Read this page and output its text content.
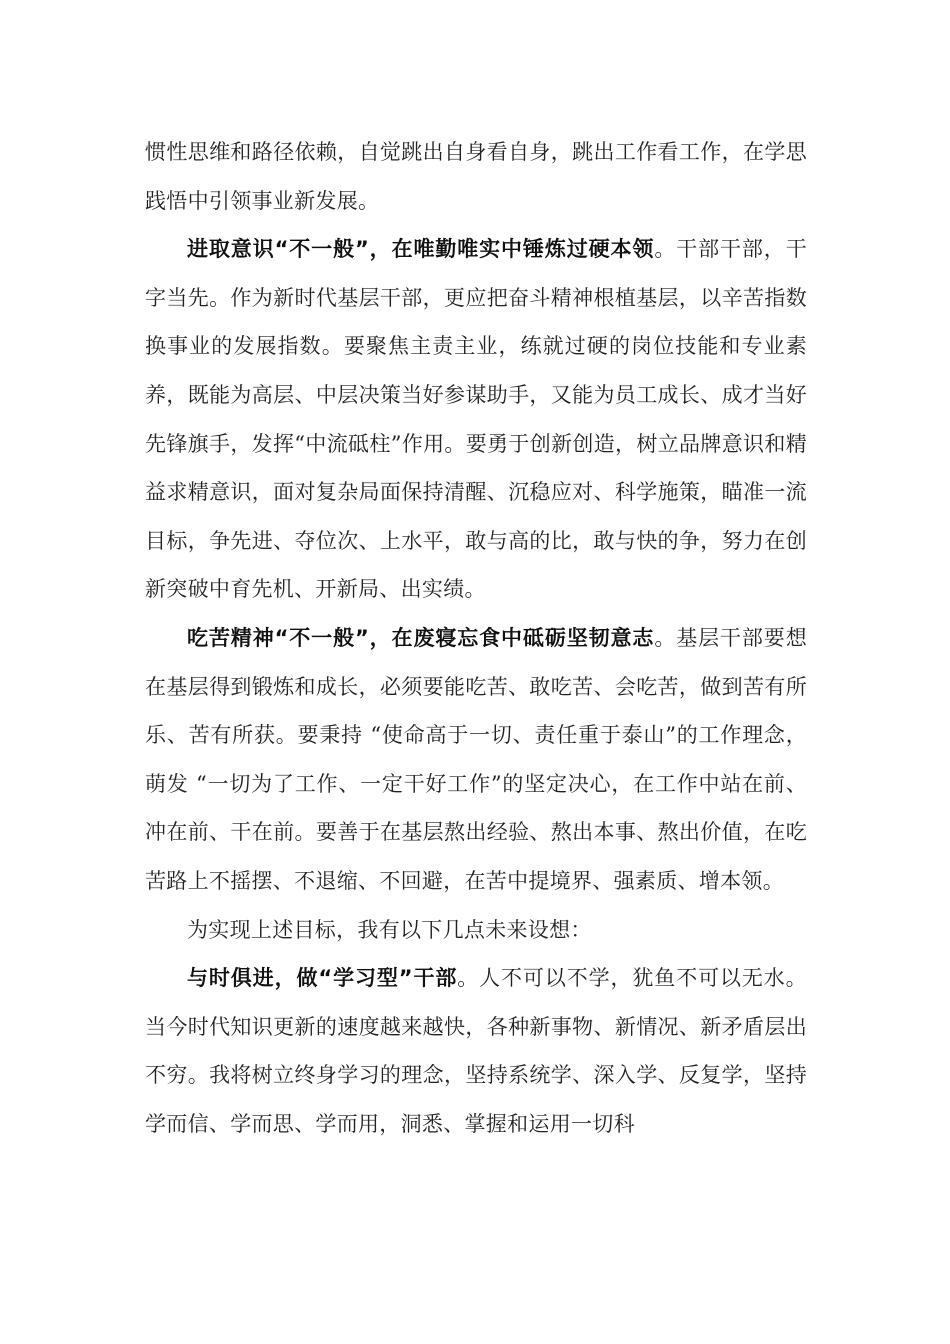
惯性思维和路径依赖，自觉跳出自身看自身，跳出工作看工作，在学思践悟中引领事业新发展。

进取意识“不一般”，在唯勤唯实中锤炼过硬本领。干部干部，干字当先。作为新时代基层干部，更应把奋斗精神根植基层，以辛苦指数换事业的发展指数。要聚焦主责主业，练就过硬的岗位技能和专业素养，既能为高层、中层决策当好参谋助手，又能为员工成长、成才当好先锋旗手，发挥“中流砥柱”作用。要勇于创新创造，树立品牌意识和精益求精意识，面对复杂局面保持清醒、沉稳应对、科学施策，瞄准一流目标，争先进、夺位次、上水平，敢与高的比，敢与快的争，努力在创新突破中育先机、开新局、出实绩。

吃苦精神“不一般”，在废寝忘食中砥砺坚韧意志。基层干部要想在基层得到锻炼和成长，必须要能吃苦、敢吃苦、会吃苦，做到苦有所乐、苦有所获。要秉持 “使命高于一切、责任重于泰山”的工作理念，萌发 “一切为了工作、一定干好工作”的坚定决心，在工作中站在前、冲在前、干在前。要善于在基层熬出经验、熬出本事、熬出价值，在吃苦路上不摇摆、不退缩、不回避，在苦中提境界、强素质、增本领。

为实现上述目标，我有以下几点未来设想：

与时俱进，做“学习型”干部。人不可以不学，犹鱼不可以无水。当今时代知识更新的速度越来越快，各种新事物、新情况、新矛盾层出不穷。我将树立终身学习的理念，坚持系统学、深入学、反复学，坚持学而信、学而思、学而用，洞悉、掌握和运用一切科
